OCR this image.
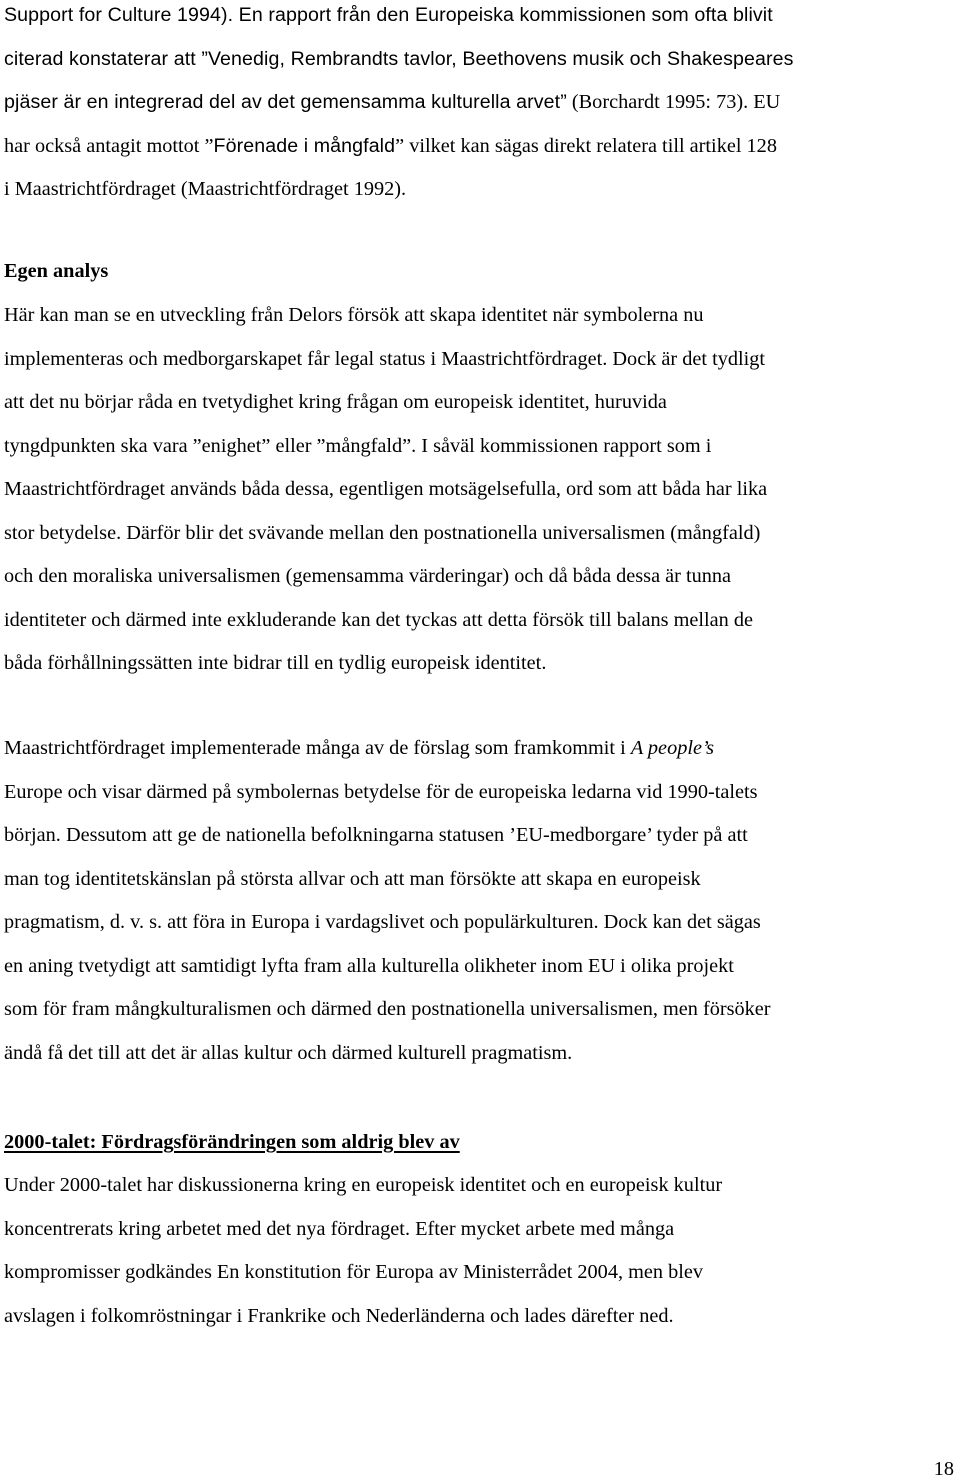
Support for Culture 1994). En rapport från den Europeiska kommissionen som ofta blivit
citerad konstaterar att ”Venedig, Rembrandts tavlor, Beethovens musik och Shakespeares
pjäser är en integrerad del av det gemensamma kulturella arvet” (Borchardt 1995: 73). EU
har också antagit mottot ”Förenade i mångfald” vilket kan sägas direkt relatera till artikel 128
i Maastrichtfördraget (Maastrichtfördraget 1992).
Egen analys
Här kan man se en utveckling från Delors försök att skapa identitet när symbolerna nu
implementeras och medborgarskapet får legal status i Maastrichtfördraget. Dock är det tydligt
att det nu börjar råda en tvetydighet kring frågan om europeisk identitet, huruvida
tyngdpunkten ska vara ”enighet” eller ”mångfald”. I såväl kommissionen rapport som i
Maastrichtfördraget används båda dessa, egentligen motsägelsefulla, ord som att båda har lika
stor betydelse. Därför blir det svävande mellan den postnationella universalismen (mångfald)
och den moraliska universalismen (gemensamma värderingar) och då båda dessa är tunna
identiteter och därmed inte exkluderande kan det tyckas att detta försök till balans mellan de
båda förhållningssätten inte bidrar till en tydlig europeisk identitet.
Maastrichtfördraget implementerade många av de förslag som framkommit i A people’s
Europe och visar därmed på symbolernas betydelse för de europeiska ledarna vid 1990-talets
början. Dessutom att ge de nationella befolkningarna statusen ’EU-medborgare’ tyder på att
man tog identitetskänslan på största allvar och att man försökte att skapa en europeisk
pragmatism, d. v. s. att föra in Europa i vardagslivet och populärkulturen. Dock kan det sägas
en aning tvetydigt att samtidigt lyfta fram alla kulturella olikheter inom EU i olika projekt
som för fram mångkulturalismen och därmed den postnationella universalismen, men försöker
ändå få det till att det är allas kultur och därmed kulturell pragmatism.
2000-talet: Fördragsförändringen som aldrig blev av
Under 2000-talet har diskussionerna kring en europeisk identitet och en europeisk kultur
koncentrerats kring arbetet med det nya fördraget. Efter mycket arbete med många
kompromisser godkändes En konstitution för Europa av Ministerrådet 2004, men blev
avslagen i folkomröstningar i Frankrike och Nederländerna och lades därefter ned.
18
